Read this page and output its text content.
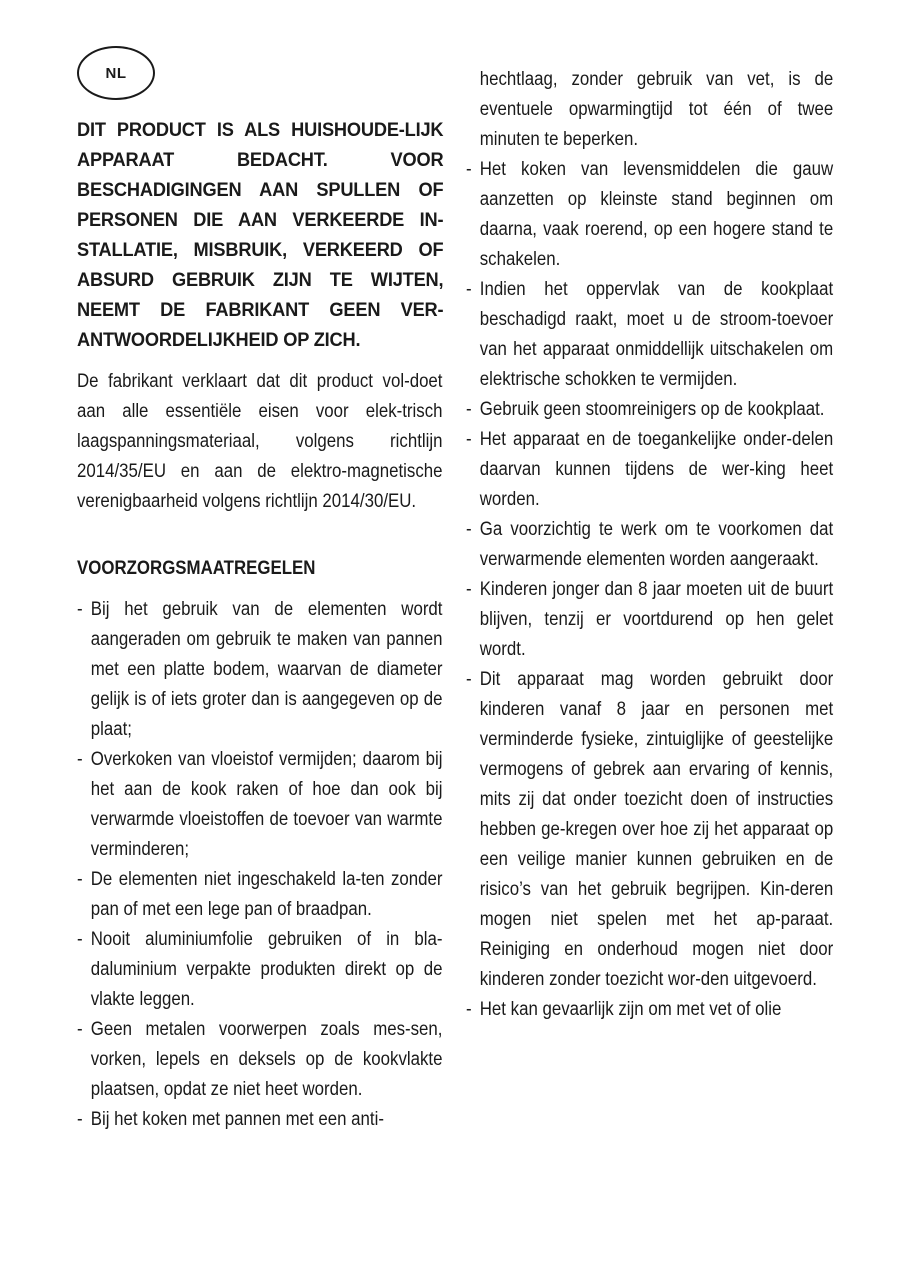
NL

DIT PRODUCT IS ALS HUISHOUDE-LIJK APPARAAT BEDACHT. VOOR BESCHADIGINGEN AAN SPULLEN OF PERSONEN DIE AAN VERKEERDE IN-STALLATIE, MISBRUIK, VERKEERD OF ABSURD GEBRUIK ZIJN TE WIJTEN, NEEMT DE FABRIKANT GEEN VER-ANTWOORDELIJKHEID OP ZICH.

De fabrikant verklaart dat dit product vol-doet aan alle essentiële eisen voor elek-trisch laagspanningsmateriaal, volgens richtlijn 2014/35/EU en aan de elektro-magnetische verenigbaarheid volgens richtlijn 2014/30/EU.

VOORZORGSMAATREGELEN
- Bij het gebruik van de elementen wordt aangeraden om gebruik te maken van pannen met een platte bodem, waarvan de diameter gelijk is of iets groter dan is aangegeven op de plaat;
- Overkoken van vloeistof vermijden; daarom bij het aan de kook raken of hoe dan ook bij verwarmde vloeistoffen de toevoer van warmte verminderen;
- De elementen niet ingeschakeld la-ten zonder pan of met een lege pan of braadpan.
- Nooit aluminiumfolie gebruiken of in bla-daluminium verpakte produkten direkt op de vlakte leggen.
- Geen metalen voorwerpen zoals mes-sen, vorken, lepels en deksels op de kookvlakte plaatsen, opdat ze niet heet worden.
- Bij het koken met pannen met een anti-
hechtlaag, zonder gebruik van vet, is de eventuele opwarmingtijd tot één of twee minuten te beperken.
- Het koken van levensmiddelen die gauw aanzetten op kleinste stand beginnen om daarna, vaak roerend, op een hogere stand te schakelen.
- Indien het oppervlak van de kookplaat beschadigd raakt, moet u de stroom-toevoer van het apparaat onmiddellijk uitschakelen om elektrische schokken te vermijden.
- Gebruik geen stoomreinigers op de kookplaat.
- Het apparaat en de toegankelijke onder-delen daarvan kunnen tijdens de wer-king heet worden.
- Ga voorzichtig te werk om te voorkomen dat verwarmende elementen worden aangeraakt.
- Kinderen jonger dan 8 jaar moeten uit de buurt blijven, tenzij er voortdurend op hen gelet wordt.
- Dit apparaat mag worden gebruikt door kinderen vanaf 8 jaar en personen met verminderde fysieke, zintuiglijke of geestelijke vermogens of gebrek aan ervaring of kennis, mits zij dat onder toezicht doen of instructies hebben ge-kregen over hoe zij het apparaat op een veilige manier kunnen gebruiken en de risico’s van het gebruik begrijpen. Kin-deren mogen niet spelen met het ap-paraat. Reiniging en onderhoud mogen niet door kinderen zonder toezicht wor-den uitgevoerd.
- Het kan gevaarlijk zijn om met vet of olie
